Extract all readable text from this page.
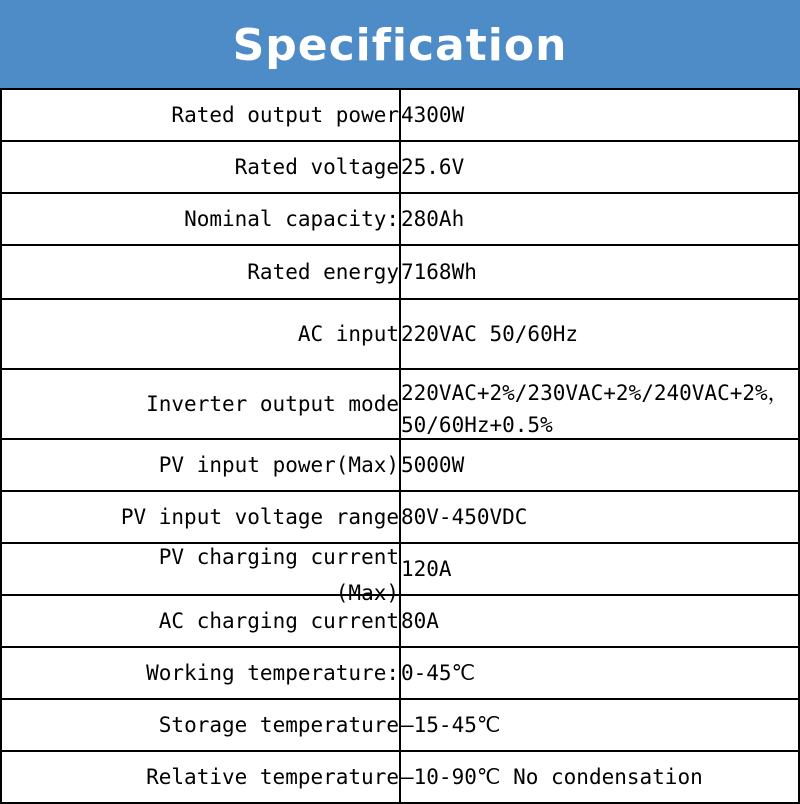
Specification	
Rated output power	4300W
Rated voltage	25.6V
Nominal capacity:	280Ah
Rated energy	7168Wh
AC input	220VAC 50/60Hz
Inverter output mode	220VAC+2%/230VAC+2%/240VAC+2%，
50/60Hz+0.5%

PV input power(Max)	5000W
PV input voltage range	80V-450VDC

PV charging current
(Max)	120A
AC charging current	80A
Working temperature:	0-45℃
Storage temperature	—15-45℃
Relative temperature	—10-90℃ No condensation
